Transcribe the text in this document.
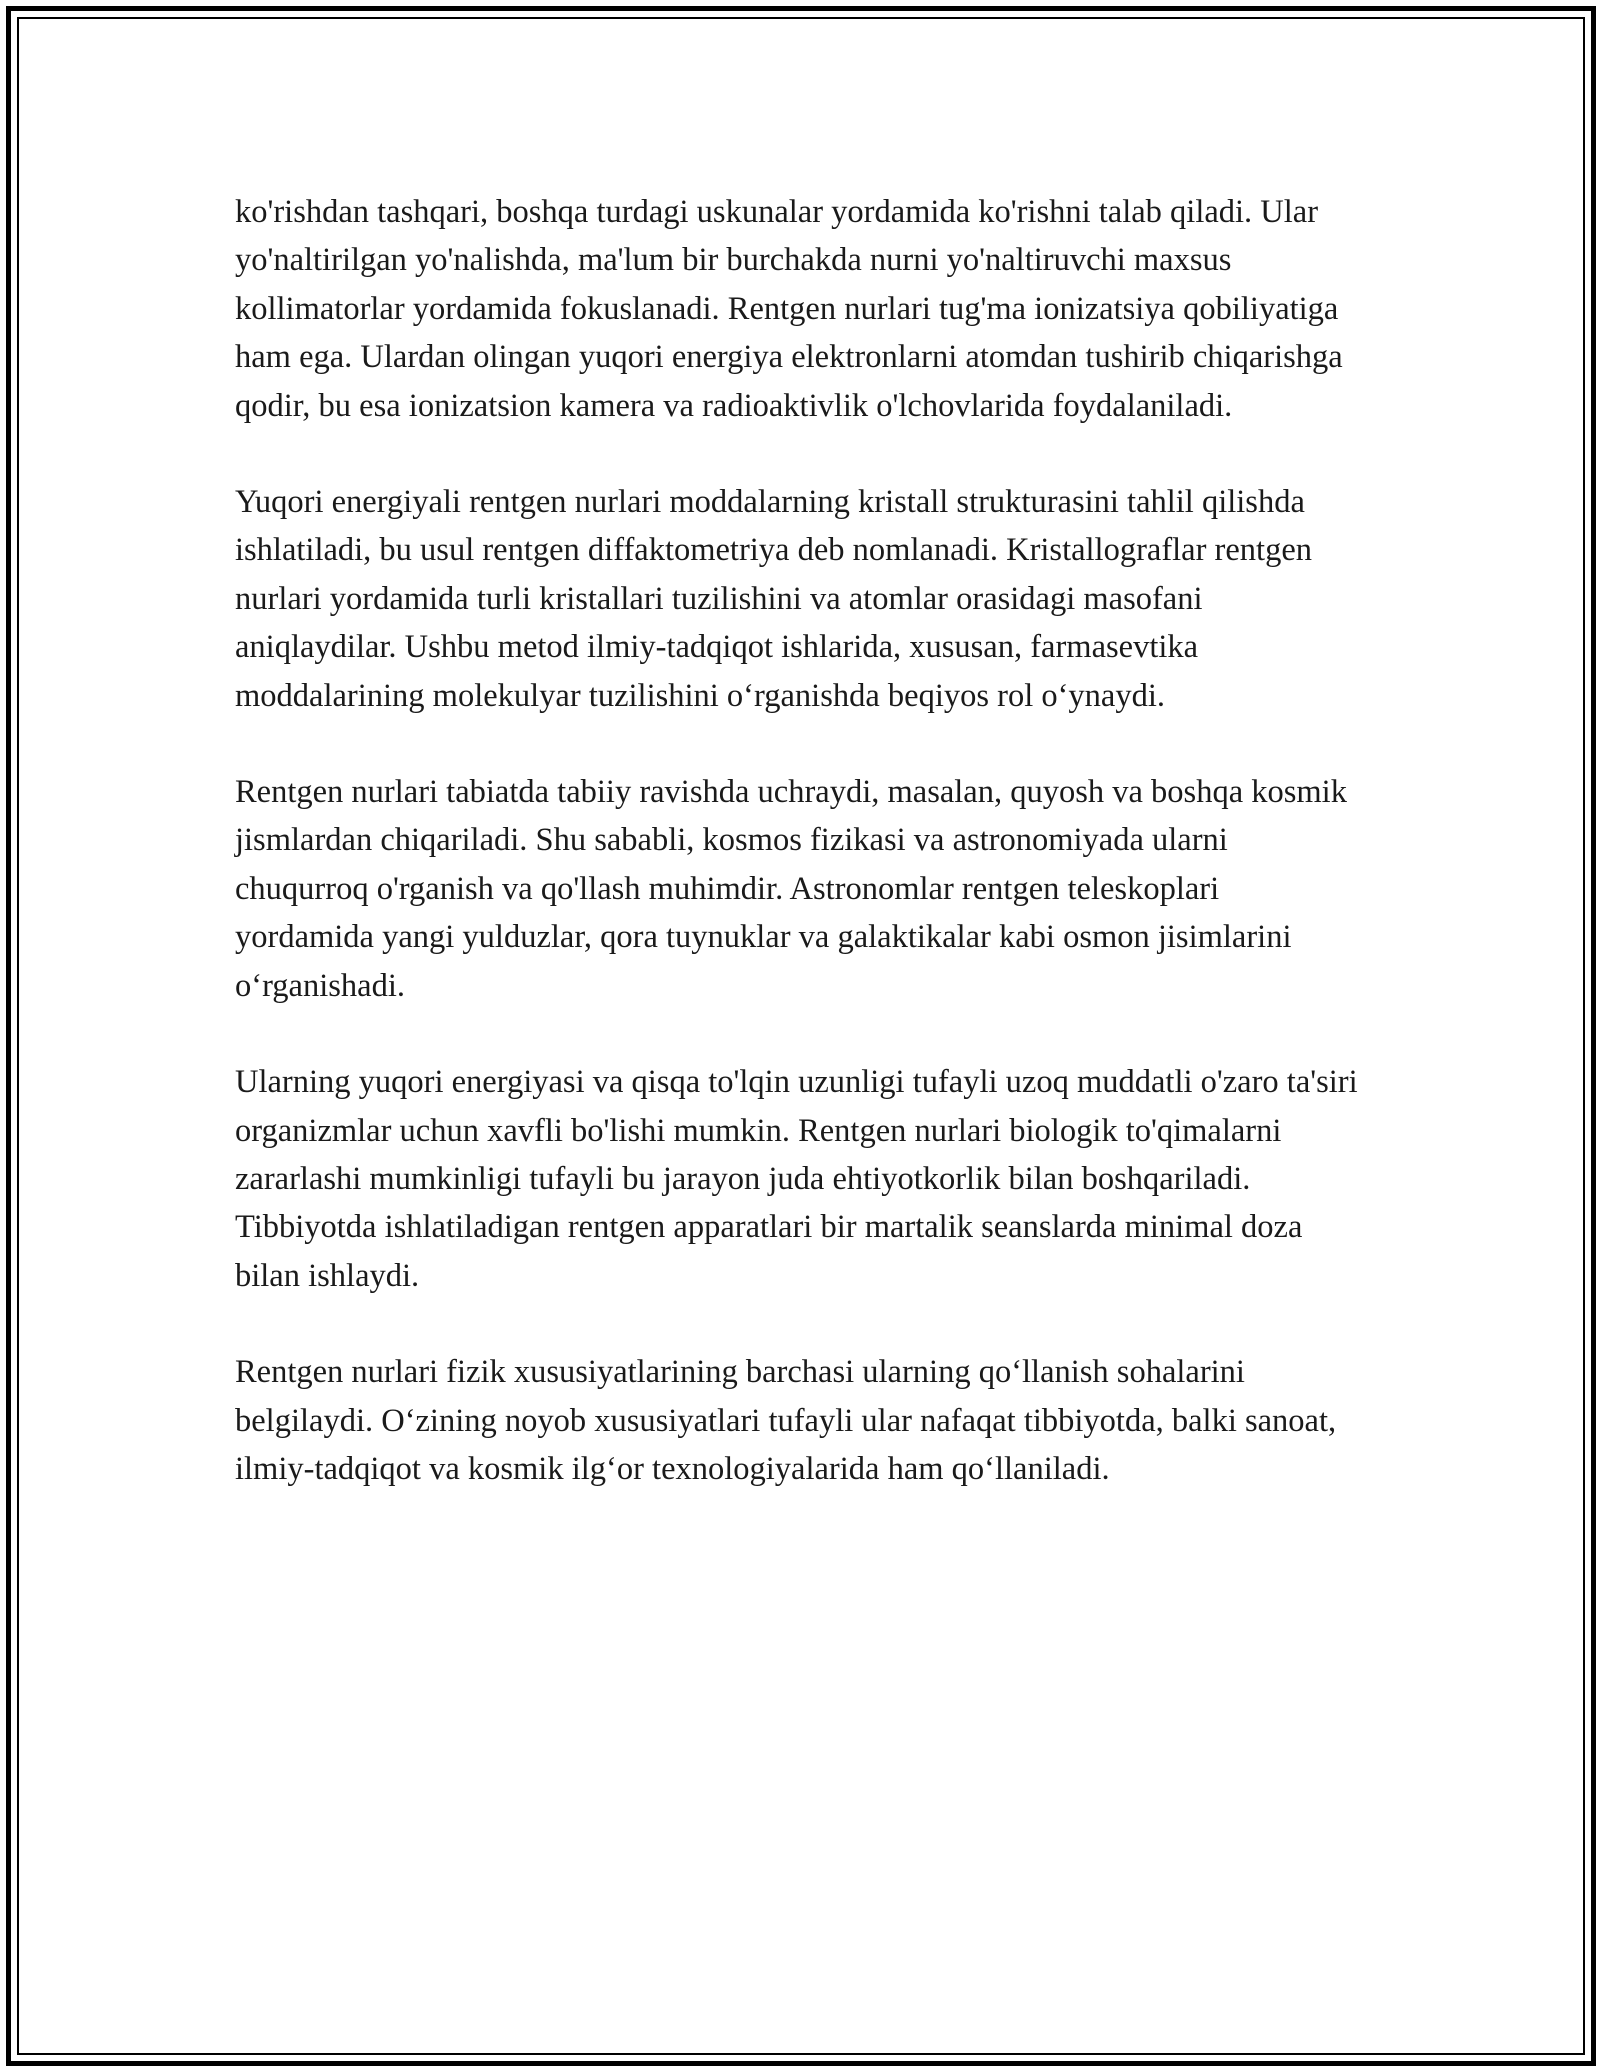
ko'rishdan tashqari, boshqa turdagi uskunalar yordamida ko'rishni talab qiladi. Ular yo'naltirilgan yo'nalishda, ma'lum bir burchakda nurni yo'naltiruvchi maxsus kollimatorlar yordamida fokuslanadi. Rentgen nurlari tug'ma ionizatsiya qobiliyatiga ham ega. Ulardan olingan yuqori energiya elektronlarni atomdan tushirib chiqarishga qodir, bu esa ionizatsion kamera va radioaktivlik o'lchovlarida foydalaniladi.

Yuqori energiyali rentgen nurlari moddalarning kristall strukturasini tahlil qilishda ishlatiladi, bu usul rentgen diffaktometriya deb nomlanadi. Kristallograflar rentgen nurlari yordamida turli kristallari tuzilishini va atomlar orasidagi masofani aniqlaydilar. Ushbu metod ilmiy-tadqiqot ishlarida, xususan, farmasevtika moddalarining molekulyar tuzilishini o‘rganishda beqiyos rol o‘ynaydi.

Rentgen nurlari tabiatda tabiiy ravishda uchraydi, masalan, quyosh va boshqa kosmik jismlardan chiqariladi. Shu sababli, kosmos fizikasi va astronomiyada ularni chuqurroq o'rganish va qo'llash muhimdir. Astronomlar rentgen teleskoplari yordamida yangi yulduzlar, qora tuynuklar va galaktikalar kabi osmon jisimlarini o‘rganishadi.

Ularning yuqori energiyasi va qisqa to'lqin uzunligi tufayli uzoq muddatli o'zaro ta'siri organizmlar uchun xavfli bo'lishi mumkin. Rentgen nurlari biologik to'qimalarni zararlashi mumkinligi tufayli bu jarayon juda ehtiyotkorlik bilan boshqariladi. Tibbiyotda ishlatiladigan rentgen apparatlari bir martalik seanslarda minimal doza bilan ishlaydi.

Rentgen nurlari fizik xususiyatlarining barchasi ularning qo‘llanish sohalarini belgilaydi. O‘zining noyob xususiyatlari tufayli ular nafaqat tibbiyotda, balki sanoat, ilmiy-tadqiqot va kosmik ilg‘or texnologiyalarida ham qo‘llaniladi.
